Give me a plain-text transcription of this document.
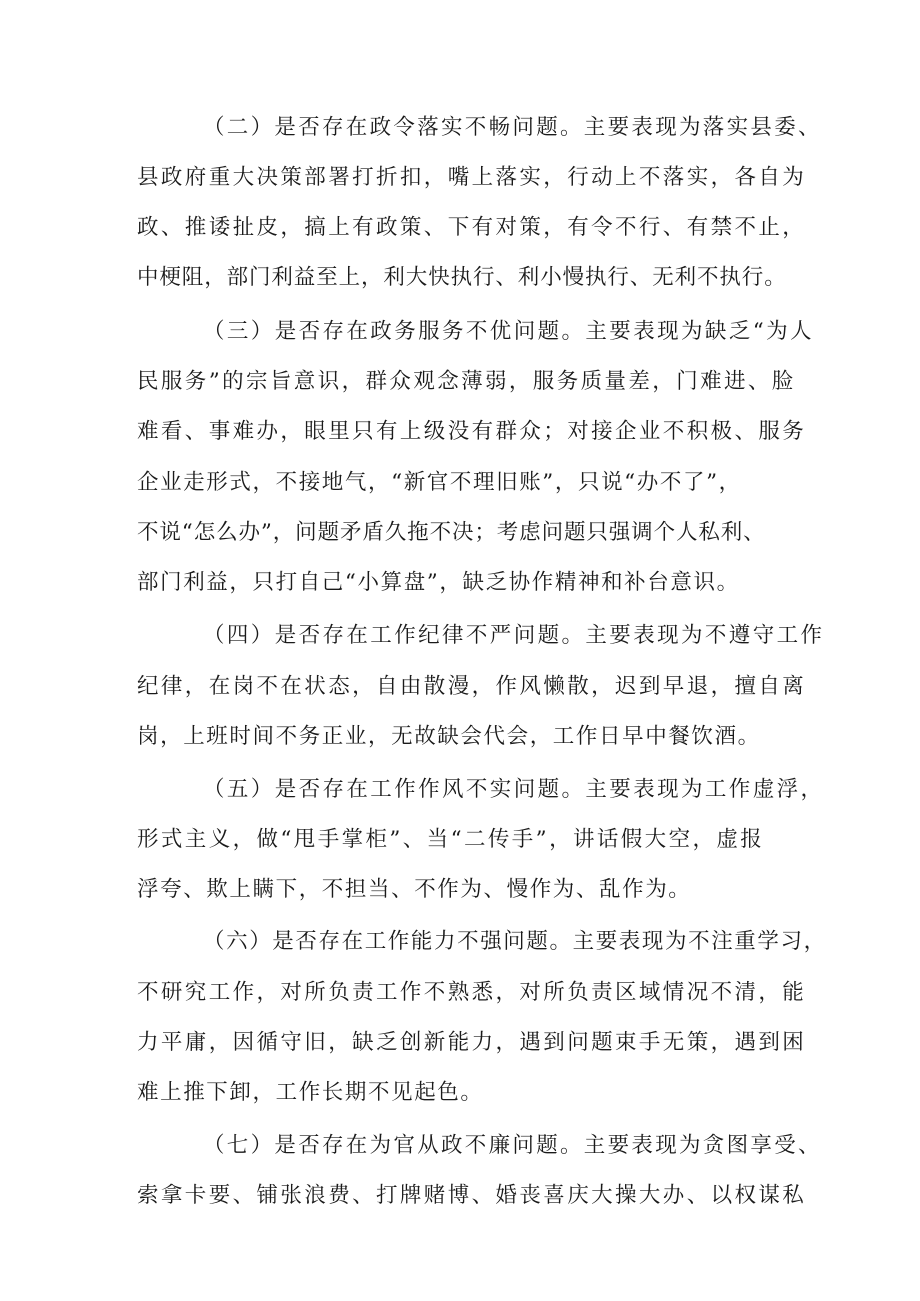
（二）是否存在政令落实不畅问题。主要表现为落实县委、
县政府重大决策部署打折扣，嘴上落实，行动上不落实，各自为
政、推诿扯皮，搞上有政策、下有对策，有令不行、有禁不止，
中梗阻，部门利益至上，利大快执行、利小慢执行、无利不执行。
（三）是否存在政务服务不优问题。主要表现为缺乏“为人
民服务”的宗旨意识，群众观念薄弱，服务质量差，门难进、脸
难看、事难办，眼里只有上级没有群众；对接企业不积极、服务
企业走形式，不接地气，“新官不理旧账”，只说“办不了”，
不说“怎么办”，问题矛盾久拖不决；考虑问题只强调个人私利、
部门利益，只打自己“小算盘”，缺乏协作精神和补台意识。
（四）是否存在工作纪律不严问题。主要表现为不遵守工作
纪律，在岗不在状态，自由散漫，作风懒散，迟到早退，擅自离
岗，上班时间不务正业，无故缺会代会，工作日早中餐饮酒。
（五）是否存在工作作风不实问题。主要表现为工作虚浮，
形式主义，做“甩手掌柜”、当“二传手”，讲话假大空，虚报
浮夸、欺上瞒下，不担当、不作为、慢作为、乱作为。
（六）是否存在工作能力不强问题。主要表现为不注重学习，
不研究工作，对所负责工作不熟悉，对所负责区域情况不清，能
力平庸，因循守旧，缺乏创新能力，遇到问题束手无策，遇到困
难上推下卸，工作长期不见起色。
（七）是否存在为官从政不廉问题。主要表现为贪图享受、
索拿卡要、铺张浪费、打牌赌博、婚丧喜庆大操大办、以权谋私
